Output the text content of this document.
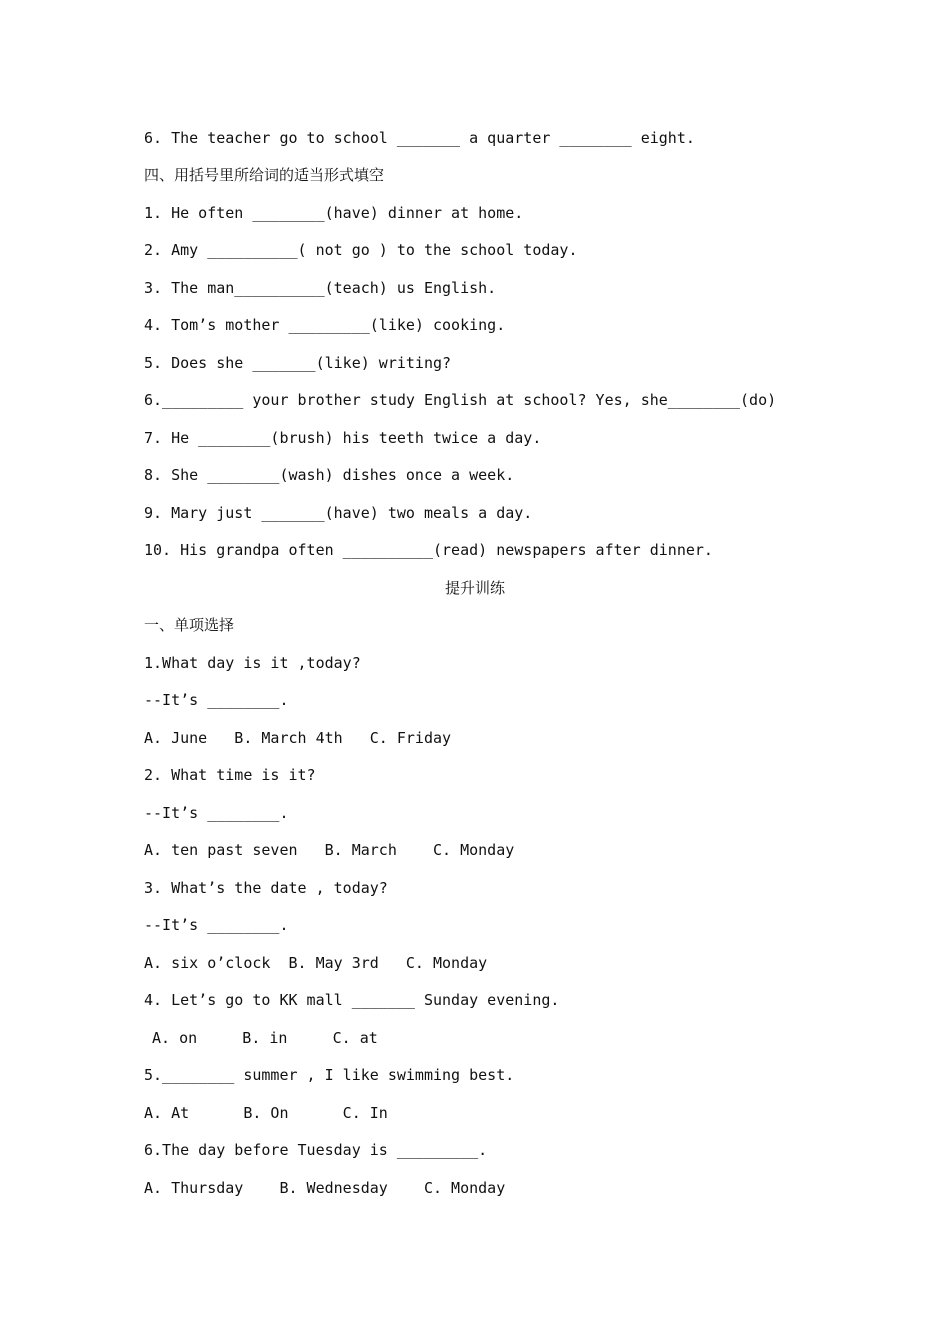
6. The teacher go to school _______ a quarter ________ eight.
四、用括号里所给词的适当形式填空
1. He often ________(have) dinner at home.
2. Amy __________( not go ) to the school today.
3. The man__________(teach) us English.
4. Tom’s mother _________(like) cooking.
5. Does she _______(like) writing?
6._________ your brother study English at school? Yes, she________(do)
7. He ________(brush) his teeth twice a day.
8. She ________(wash) dishes once a week.
9. Mary just _______(have) two meals a day.
10. His grandpa often __________(read) newspapers after dinner.
提升训练
一、单项选择
1.What day is it ,today?
--It’s ________.
A. June   B. March 4th   C. Friday
2. What time is it?
--It’s ________.
A. ten past seven   B. March    C. Monday
3. What’s the date , today?
--It’s ________.
A. six o’clock  B. May 3rd   C. Monday
4. Let’s go to KK mall _______ Sunday evening.
A. on     B. in     C. at
5.________ summer , I like swimming best.
A. At      B. On      C. In
6.The day before Tuesday is _________.
A. Thursday    B. Wednesday    C. Monday
